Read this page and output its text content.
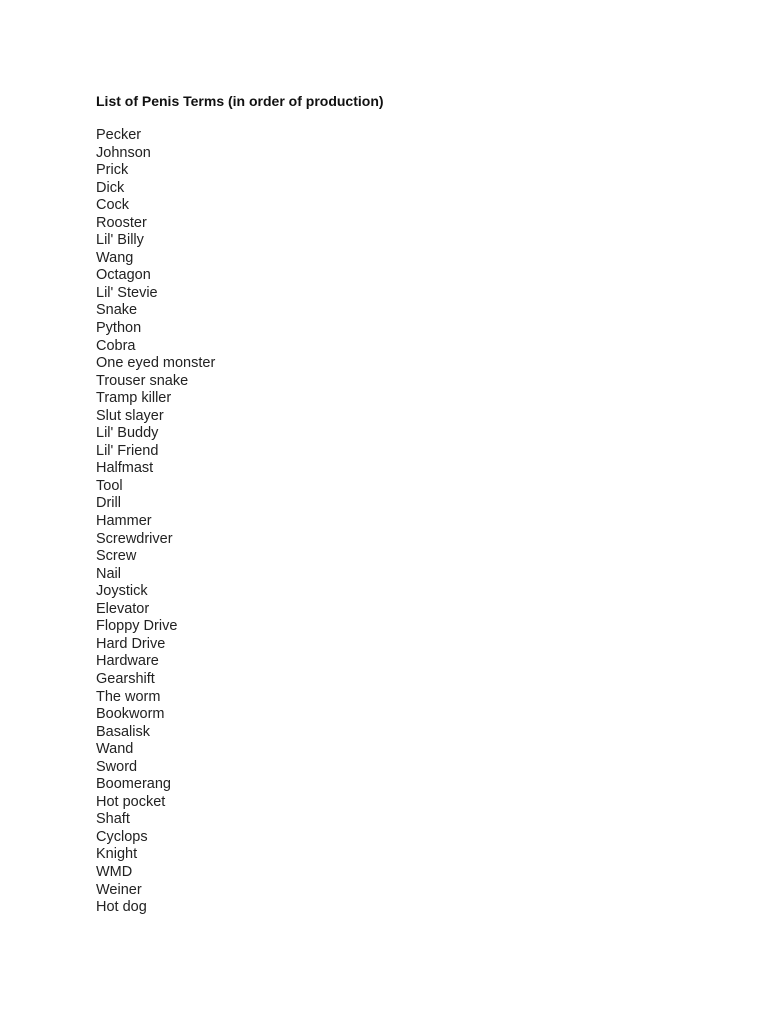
List of Penis Terms (in order of production)
Pecker
Johnson
Prick
Dick
Cock
Rooster
Lil' Billy
Wang
Octagon
Lil' Stevie
Snake
Python
Cobra
One eyed monster
Trouser snake
Tramp killer
Slut slayer
Lil' Buddy
Lil' Friend
Halfmast
Tool
Drill
Hammer
Screwdriver
Screw
Nail
Joystick
Elevator
Floppy Drive
Hard Drive
Hardware
Gearshift
The worm
Bookworm
Basalisk
Wand
Sword
Boomerang
Hot pocket
Shaft
Cyclops
Knight
WMD
Weiner
Hot dog
